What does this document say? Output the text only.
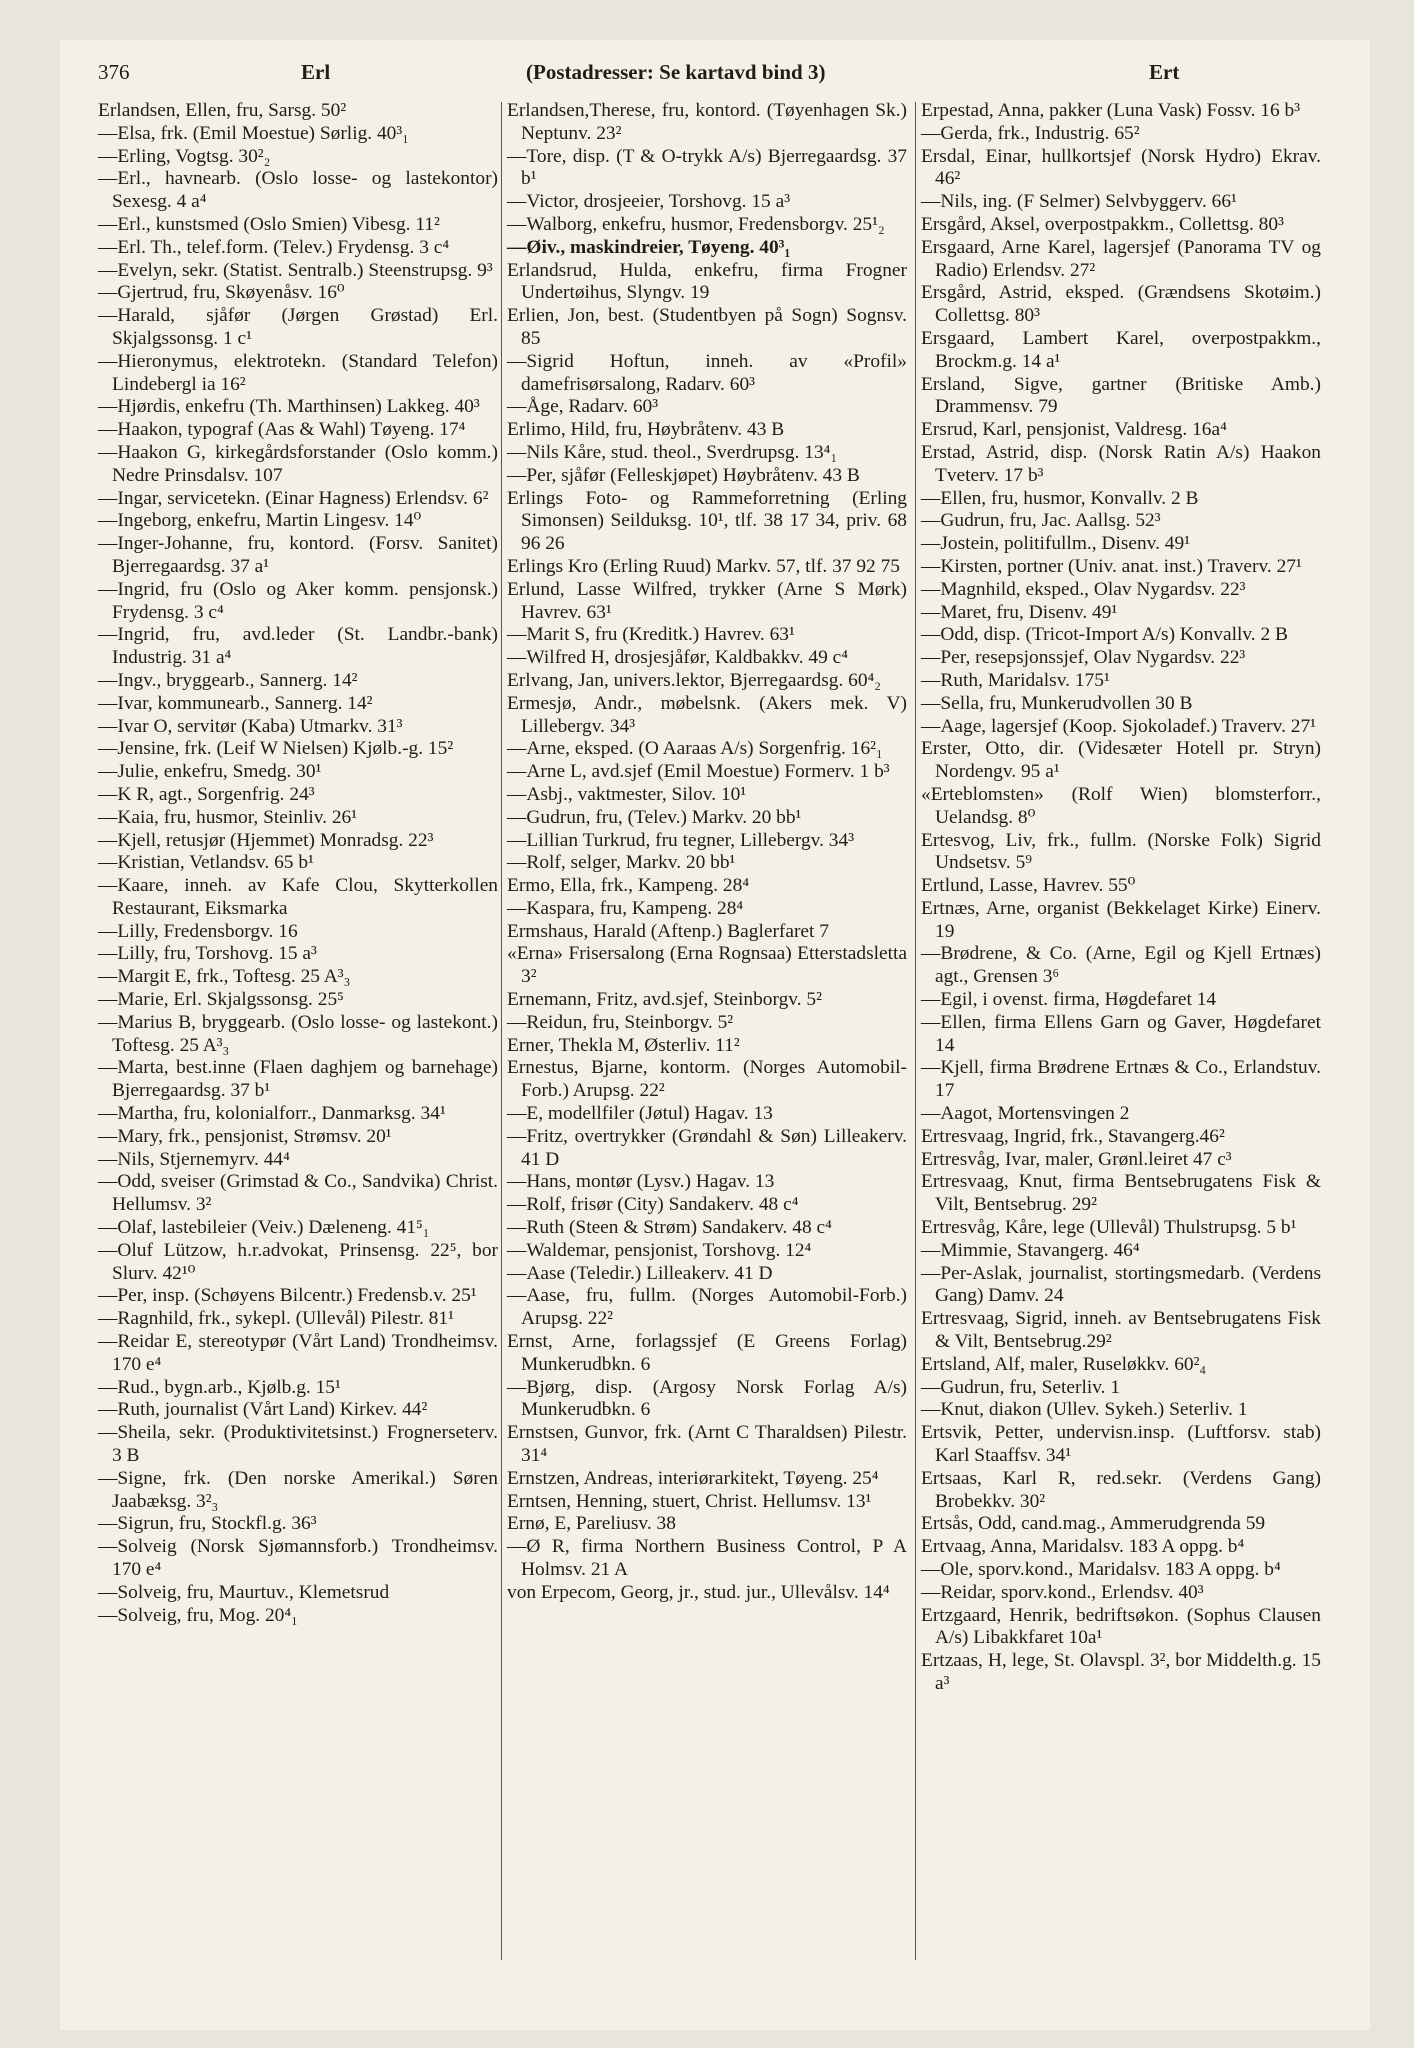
376	Erl	(Postadresser: Se kartavd bind 3)	Ert
Erlandsen, Ellen, fru, Sarsg. 50²
—Elsa, frk. (Emil Moestue) Sørlig. 40³₁
—Erling, Vogtsg. 30²₂
—Erl., havnearb. (Oslo losse- og lastekontor) Sexesg. 4 a⁴
—Erl., kunstsmed (Oslo Smien) Vibesg. 11²
—Erl. Th., telef.form. (Telev.) Frydensg. 3 c⁴
—Evelyn, sekr. (Statist. Sentralb.) Steenstrupsg. 9³
—Gjertrud, fru, Skøyenåsv. 16⁰
—Harald, sjåfør (Jørgen Grøstad) Erl. Skjalgssonsg. 1 c¹
—Hieronymus, elektrotekn. (Standard Telefon) Lindebergl ia 16²
—Hjørdis, enkefru (Th. Marthinsen) Lakkeg. 40³
—Haakon, typograf (Aas & Wahl) Tøyeng. 17⁴
—Haakon G, kirkegårdsforstander (Oslo komm.) Nedre Prinsdalsv. 107
—Ingar, servicetekn. (Einar Hagness) Erlendsv. 6²
—Ingeborg, enkefru, Martin Lingesv. 14⁰
—Inger-Johanne, fru, kontord. (Forsv. Sanitet) Bjerregaardsg. 37 a¹
—Ingrid, fru (Oslo og Aker komm. pensjonsk.) Frydensg. 3 c⁴
—Ingrid, fru, avd.leder (St. Landbr.-bank) Industrig. 31 a⁴
—Ingv., bryggearb., Sannerg. 14²
—Ivar, kommunearb., Sannerg. 14²
—Ivar O, servitør (Kaba) Utmarkv. 31³
—Jensine, frk. (Leif W Nielsen) Kjølb.-g. 15²
—Julie, enkefru, Smedg. 30¹
—K R, agt., Sorgenfrig. 24³
—Kaia, fru, husmor, Steinliv. 26¹
—Kjell, retusjør (Hjemmet) Monradsg. 22³
—Kristian, Vetlandsv. 65 b¹
—Kaare, inneh. av Kafe Clou, Skytterkollen Restaurant, Eiksmarka
—Lilly, Fredensborgv. 16
—Lilly, fru, Torshovg. 15 a³
—Margit E, frk., Toftesg. 25 A³₃
—Marie, Erl. Skjalgssonsg. 25⁵
—Marius B, bryggearb. (Oslo losse- og lastekont.) Toftesg. 25 A³₃
—Marta, best.inne (Flaen daghjem og barnehage) Bjerregaardsg. 37 b¹
—Martha, fru, kolonialforr., Danmarksg. 34¹
—Mary, frk., pensjonist, Strømsv. 20¹
—Nils, Stjernemyrv. 44⁴
—Odd, sveiser (Grimstad & Co., Sandvika) Christ. Hellumsv. 3²
—Olaf, lastebileier (Veiv.) Dæleneng. 41⁵₁
—Oluf Lützow, h.r.advokat, Prinsensg. 22⁵, bor Slurv. 42¹⁰
—Per, insp. (Schøyens Bilcentr.) Fredensb.v. 25¹
—Ragnhild, frk., sykepl. (Ullevål) Pilestr. 81¹
—Reidar E, stereotypør (Vårt Land) Trondheimsv. 170 e⁴
—Rud., bygn.arb., Kjølb.g. 15¹
—Ruth, journalist (Vårt Land) Kirkev. 44²
—Sheila, sekr. (Produktivitetsinst.) Frognerseterv. 3 B
—Signe, frk. (Den norske Amerikal.) Søren Jaabæksg. 3²₃
—Sigrun, fru, Stockfl.g. 36³
—Solveig (Norsk Sjømannsforb.) Trondheimsv. 170 e⁴
—Solveig, fru, Maurtuv., Klemetsrud
—Solveig, fru, Mog. 20⁴₁
Erlandsen,Therese, fru, kontord. (Tøyenhagen Sk.) Neptunv. 23²
—Tore, disp. (T & O-trykk A/s) Bjerregaardsg. 37 b¹
—Victor, drosjeeier, Torshovg. 15 a³
—Walborg, enkefru, husmor, Fredensborgv. 25¹₂
—Øiv., maskindreier, Tøyeng. 40³₁
Erlandsrud, Hulda, enkefru, firma Frogner Undertøihus, Slyngv. 19
Erlien, Jon, best. (Studentbyen på Sogn) Sognsv. 85
—Sigrid Hoftun, inneh. av «Profil» damefrisørsalong, Radarv. 60³
—Åge, Radarv. 60³
Erlimo, Hild, fru, Høybråtenv. 43 B
—Nils Kåre, stud. theol., Sverdrupsg. 13⁴₁
—Per, sjåfør (Felleskjøpet) Høybråtenv. 43 B
Erlings Foto- og Rammeforretning (Erling Simonsen) Seilduksg. 10¹, tlf. 38 17 34, priv. 68 96 26
Erlings Kro (Erling Ruud) Markv. 57, tlf. 37 92 75
Erlund, Lasse Wilfred, trykker (Arne S Mørk) Havrev. 63¹
—Marit S, fru (Kreditk.) Havrev. 63¹
—Wilfred H, drosjesjåfør, Kaldbakkv. 49 c⁴
Erlvang, Jan, univers.lektor, Bjerregaardsg. 60⁴₂
Ermesjø, Andr., møbelsnk. (Akers mek. V) Lillebergv. 34³
—Arne, eksped. (O Aaraas A/s) Sorgenfrig. 16²₁
—Arne L, avd.sjef (Emil Moestue) Formerv. 1 b³
—Asbj., vaktmester, Silov. 10¹
—Gudrun, fru, (Telev.) Markv. 20 bb¹
—Lillian Turkrud, fru tegner, Lillebergv. 34³
—Rolf, selger, Markv. 20 bb¹
Ermo, Ella, frk., Kampeng. 28⁴
—Kaspara, fru, Kampeng. 28⁴
Ermshaus, Harald (Aftenp.) Baglerfaret 7
«Erna» Frisersalong (Erna Rognsaa) Etterstadsletta 3²
Ernemann, Fritz, avd.sjef, Steinborgv. 5²
—Reidun, fru, Steinborgv. 5²
Erner, Thekla M, Østerliv. 11²
Ernestus, Bjarne, kontorm. (Norges Automobil-Forb.) Arupsg. 22²
—E, modellfiler (Jøtul) Hagav. 13
—Fritz, overtrykker (Grøndahl & Søn) Lilleakerv. 41 D
—Hans, montør (Lysv.) Hagav. 13
—Rolf, frisør (City) Sandakerv. 48 c⁴
—Ruth (Steen & Strøm) Sandakerv. 48 c⁴
—Waldemar, pensjonist, Torshovg. 12⁴
—Aase (Teledir.) Lilleakerv. 41 D
—Aase, fru, fullm. (Norges Automobil-Forb.) Arupsg. 22²
Ernst, Arne, forlagssjef (E Greens Forlag) Munkerudbkn. 6
—Bjørg, disp. (Argosy Norsk Forlag A/s) Munkerudbkn. 6
Ernstsen, Gunvor, frk. (Arnt C Tharaldsen) Pilestr. 31⁴
Ernstzen, Andreas, interiørarkitekt, Tøyeng. 25⁴
Erntsen, Henning, stuert, Christ. Hellumsv. 13¹
Ernø, E, Pareliusv. 38
—Ø R, firma Northern Business Control, P A Holmsv. 21 A
von Erpecom, Georg, jr., stud. jur., Ullevålsv. 14⁴
Erpestad, Anna, pakker (Luna Vask) Fossv. 16 b³
—Gerda, frk., Industrig. 65²
Ersdal, Einar, hullkortsjef (Norsk Hydro) Ekrav. 46²
—Nils, ing. (F Selmer) Selvbyggerv. 66¹
Ersgård, Aksel, overpostpakkm., Collettsg. 80³
Ersgaard, Arne Karel, lagersjef (Panorama TV og Radio) Erlendsv. 27²
Ersgård, Astrid, eksped. (Grændsens Skotøim.) Collettsg. 80³
Ersgaard, Lambert Karel, overpostpakkm., Brockm.g. 14 a¹
Ersland, Sigve, gartner (Britiske Amb.) Drammensv. 79
Ersrud, Karl, pensjonist, Valdresg. 16a⁴
Erstad, Astrid, disp. (Norsk Ratin A/s) Haakon Tveterv. 17 b³
—Ellen, fru, husmor, Konvallv. 2 B
—Gudrun, fru, Jac. Aallsg. 52³
—Jostein, politifullm., Disenv. 49¹
—Kirsten, portner (Univ. anat. inst.) Traverv. 27¹
—Magnhild, eksped., Olav Nygardsv. 22³
—Maret, fru, Disenv. 49¹
—Odd, disp. (Tricot-Import A/s) Konvallv. 2 B
—Per, resepsjonssjef, Olav Nygardsv. 22³
—Ruth, Maridalsv. 175¹
—Sella, fru, Munkerudvollen 30 B
—Aage, lagersjef (Koop. Sjokoladef.) Traverv. 27¹
Erster, Otto, dir. (Videsæter Hotell pr. Stryn) Nordengv. 95 a¹
«Erteblomsten» (Rolf Wien) blomsterforr., Uelandsg. 8⁰
Ertesvog, Liv, frk., fullm. (Norske Folk) Sigrid Undsetsv. 5⁹
Ertlund, Lasse, Havrev. 55⁰
Ertnæs, Arne, organist (Bekkelaget Kirke) Einerv. 19
—Brødrene, & Co. (Arne, Egil og Kjell Ertnæs) agt., Grensen 3⁶
—Egil, i ovenst. firma, Høgdefaret 14
—Ellen, firma Ellens Garn og Gaver, Høgdefaret 14
—Kjell, firma Brødrene Ertnæs & Co., Erlandstuv. 17
—Aagot, Mortensvingen 2
Ertresvaag, Ingrid, frk., Stavangerg.46²
Ertresvåg, Ivar, maler, Grønl.leiret 47 c³
Ertresvaag, Knut, firma Bentsebrugatens Fisk & Vilt, Bentsebrug. 29²
Ertresvåg, Kåre, lege (Ullevål) Thulstrupsg. 5 b¹
—Mimmie, Stavangerg. 46⁴
—Per-Aslak, journalist, stortingsmedarb. (Verdens Gang) Damv. 24
Ertresvaag, Sigrid, inneh. av Bentsebrugatens Fisk & Vilt, Bentsebrug.29²
Ertsland, Alf, maler, Ruseløkkv. 60²₄
—Gudrun, fru, Seterliv. 1
—Knut, diakon (Ullev. Sykeh.) Seterliv. 1
Ertsvik, Petter, undervisn.insp. (Luftforsv. stab) Karl Staaffsv. 34¹
Ertsaas, Karl R, red.sekr. (Verdens Gang) Brobekkv. 30²
Ertsås, Odd, cand.mag., Ammerudgrenda 59
Ertvaag, Anna, Maridalsv. 183 A oppg. b⁴
—Ole, sporv.kond., Maridalsv. 183 A oppg. b⁴
—Reidar, sporv.kond., Erlendsv. 40³
Ertzgaard, Henrik, bedriftsøkon. (Sophus Clausen A/s) Libakkfaret 10a¹
Ertzaas, H, lege, St. Olavspl. 3², bor Middelth.g. 15 a³
